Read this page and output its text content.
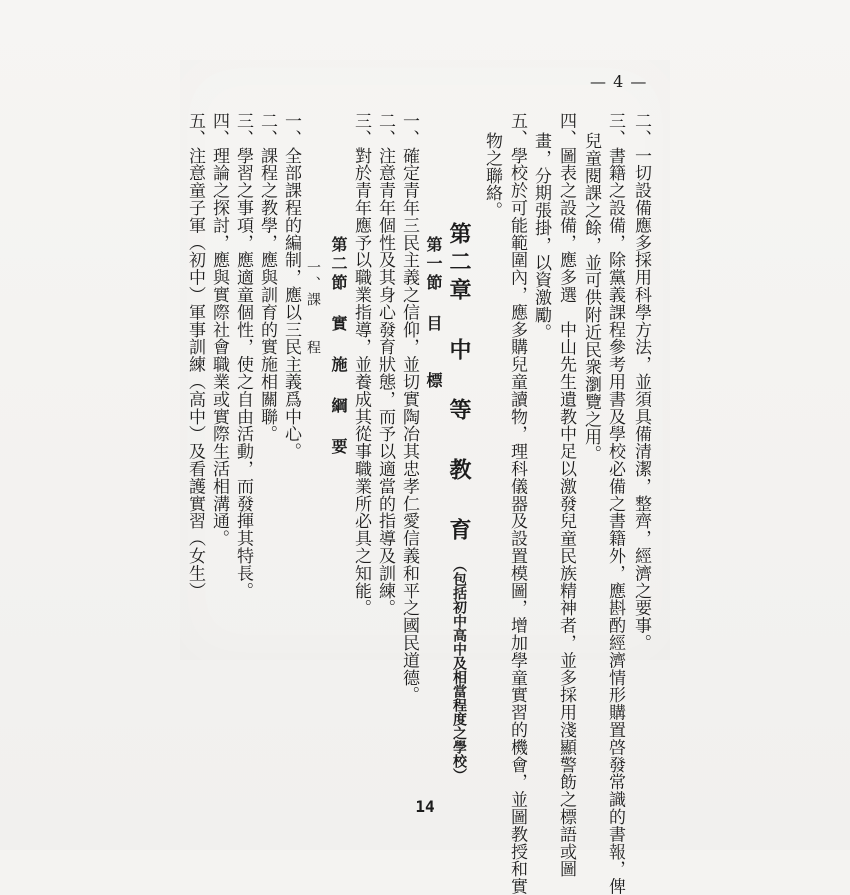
— 4 —
二、一切設備應多採用科學方法，並須具備清潔，整齊，經濟之要事。
三、書籍之設備，除黨義課程參考用書及學校必備之書籍外，應斟酌經濟情形購置啓發常識的書報，俾
兒童閱課之餘，並可供附近民衆瀏覽之用。
四、圖表之設備，應多選　中山先生遺教中足以激發兒童民族精神者，並多採用淺顯警飭之標語或圖
畫，分期張掛，以資激勵。
五、學校於可能範圍內，應多購兒童讀物，理科儀器及設置模圖，增加學童實習的機會，並圖教授和實
物之聯絡。
第二章 中 等 教 育（包括初中高中及相當程度之學校）
第一節 目　　標
一、確定青年三民主義之信仰，並切實陶冶其忠孝仁愛信義和平之國民道德。
二、注意青年個性及其身心發育狀態，而予以適當的指導及訓練。
三、對於青年應予以職業指導，並養成其從事職業所必具之知能。
第二節 實 施 綱 要
一、課　　程
一、全部課程的編制，應以三民主義爲中心。
二、課程之教學，應與訓育的實施相關聯。
三、學習之事項，應適童個性，使之自由活動，而發揮其特長。
四、理論之探討，應與實際社會職業或實際生活相溝通。
五、注意童子軍（初中）軍事訓練（高中）及看護實習（女生）
14
